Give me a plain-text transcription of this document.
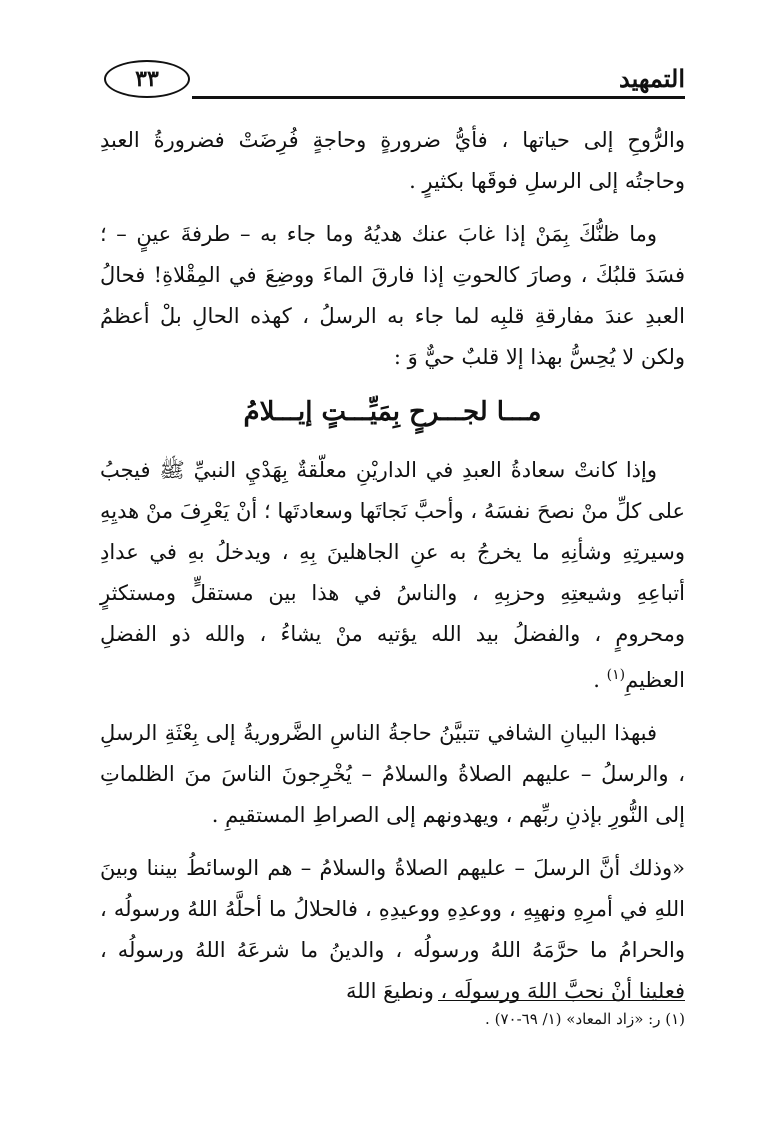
٣٣	التمهيد

والرُّوحِ إلى حياتها ، فأيُّ ضرورةٍ وحاجةٍ فُرِضَتْ فضرورةُ العبدِ وحاجتُه إلى الرسلِ فوقَها بكثيرٍ .

وما ظنُّكَ بِمَنْ إذا غابَ عنك هديُهُ وما جاء به – طرفةَ عينٍ – ؛ فسَدَ قلبُكَ ، وصارَ كالحوتِ إذا فارقَ الماءَ ووضِعَ في المِقْلاةِ! فحالُ العبدِ عندَ مفارقةِ قلبِه لما جاء به الرسلُ ، كهذه الحالِ بلْ أعظمُ ولكن لا يُحِسُّ بهذا إلا قلبٌ حيٌّ وَ :

مـــا لجـــرحٍ بِمَيِّـــتٍ إيـــلامُ

وإذا كانتْ سعادةُ العبدِ في الداريْنِ معلّقةٌ بِهَدْيِ النبيِّ ﷺ فيجبُ على كلِّ منْ نصحَ نفسَهُ ، وأحبَّ نَجاتَها وسعادتَها ؛ أنْ يَعْرِفَ منْ هديِهِ وسيرتِهِ وشأنِهِ ما يخرجُ به عنِ الجاهلينَ بِهِ ، ويدخلُ بهِ في عدادِ أتباعِهِ وشيعتِهِ وحزبِهِ ، والناسُ في هذا بين مستقلٍّ ومستكثرٍ ومحرومٍ ، والفضلُ بيد الله يؤتيه منْ يشاءُ ، والله ذو الفضلِ العظيمِ$^{(١)}$ .

فبهذا البيانِ الشافي تتبيَّنُ حاجةُ الناسِ الضَّروريةُ إلى بِعْثَةِ الرسلِ ، والرسلُ – عليهم الصلاةُ والسلامُ – يُخْرِجونَ الناسَ منَ الظلماتِ إلى النُّورِ بإذنِ ربِّهم ، ويهدونهم إلى الصراطِ المستقيمِ .

«وذلك أنَّ الرسلَ – عليهم الصلاةُ والسلامُ – هم الوسائطُ بيننا وبينَ اللهِ في أمرِهِ ونهيِهِ ، ووعدِهِ ووعيدِهِ ، فالحلالُ ما أحلَّهُ اللهُ ورسولُه ، والحرامُ ما حرَّمَهُ اللهُ ورسولُه ، والدينُ ما شرعَهُ اللهُ ورسولُه ، فعلينا أنْ نحبَّ اللهَ ورسولَه ، ونطيعَ اللهَ

(١) ر: «زاد المعاد» (١/ ٦٩-٧٠) .
